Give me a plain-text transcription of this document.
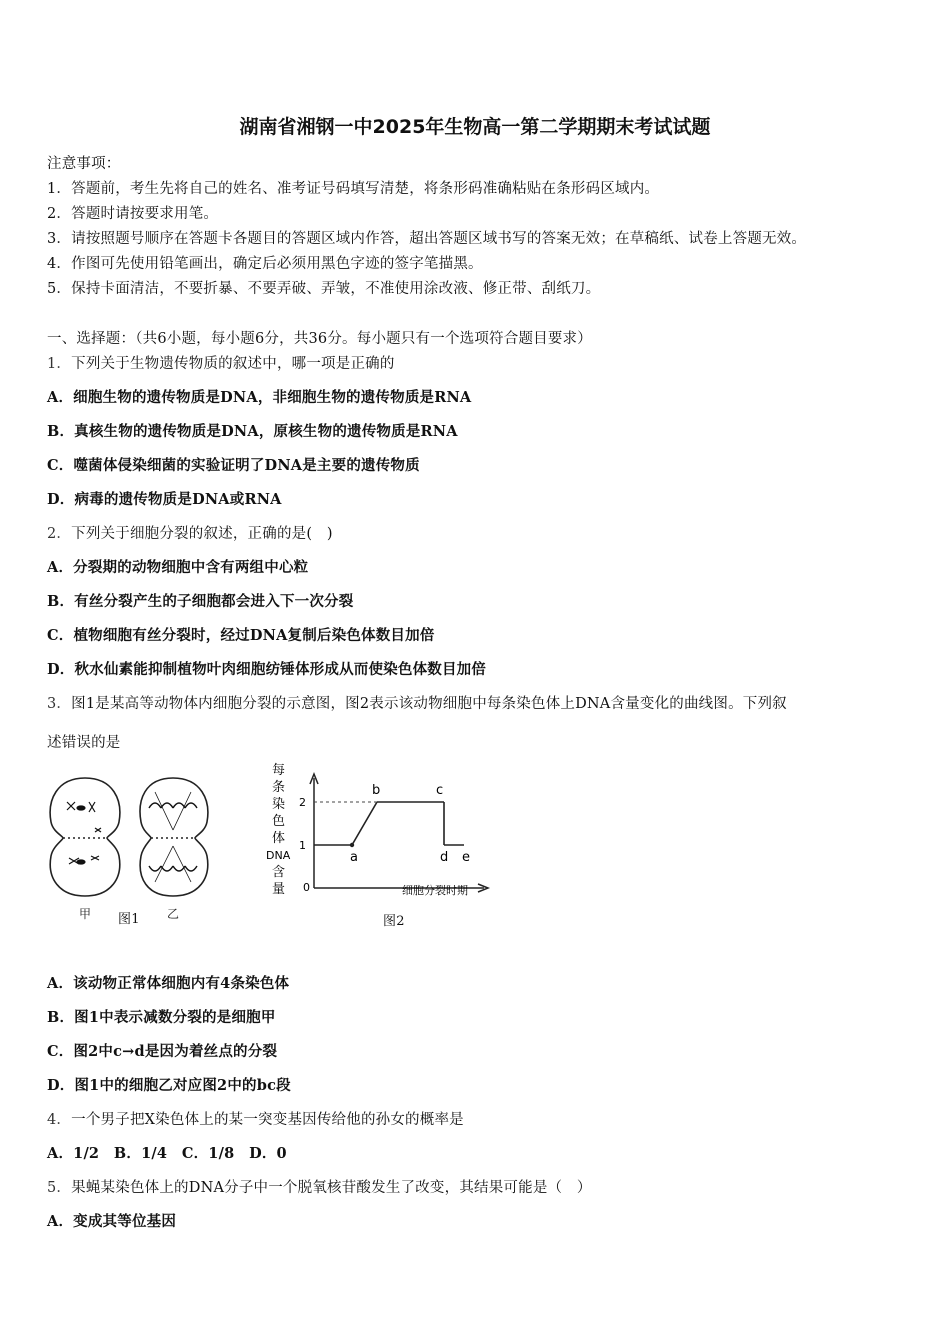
湖南省湘钢一中2025年生物高一第二学期期末考试试题
注意事项：
1．答题前，考生先将自己的姓名、准考证号码填写清楚，将条形码准确粘贴在条形码区域内。
2．答题时请按要求用笔。
3．请按照题号顺序在答题卡各题目的答题区域内作答，超出答题区域书写的答案无效；在草稿纸、试卷上答题无效。
4．作图可先使用铅笔画出，确定后必须用黑色字迹的签字笔描黑。
5．保持卡面清洁，不要折暴、不要弄破、弄皱，不准使用涂改液、修正带、刮纸刀。
一、选择题：（共6小题，每小题6分，共36分。每小题只有一个选项符合题目要求）
1．下列关于生物遗传物质的叙述中，哪一项是正确的
A．细胞生物的遗传物质是DNA，非细胞生物的遗传物质是RNA
B．真核生物的遗传物质是DNA，原核生物的遗传物质是RNA
C．噬菌体侵染细菌的实验证明了DNA是主要的遗传物质
D．病毒的遗传物质是DNA或RNA
2．下列关于细胞分裂的叙述，正确的是(　)
A．分裂期的动物细胞中含有两组中心粒
B．有丝分裂产生的子细胞都会进入下一次分裂
C．植物细胞有丝分裂时，经过DNA复制后染色体数目加倍
D．秋水仙素能抑制植物叶肉细胞纺锤体形成从而使染色体数目加倍
3．图1是某高等动物体内细胞分裂的示意图，图2表示该动物细胞中每条染色体上DNA含量变化的曲线图。下列叙
述错误的是
甲	乙
图1
每
条
染
色
体
DNA
含
量
1
2
a
b	c
d e
0	细胞分裂时期
图2
A．该动物正常体细胞内有4条染色体
B．图1中表示减数分裂的是细胞甲
C．图2中c→d是因为着丝点的分裂
D．图1中的细胞乙对应图2中的bc段
4．一个男子把X染色体上的某一突变基因传给他的孙女的概率是
A．1/2　B．1/4　C．1/8　D．0
5．果蝇某染色体上的DNA分子中一个脱氧核苷酸发生了改变，其结果可能是（　）
A．变成其等位基因
